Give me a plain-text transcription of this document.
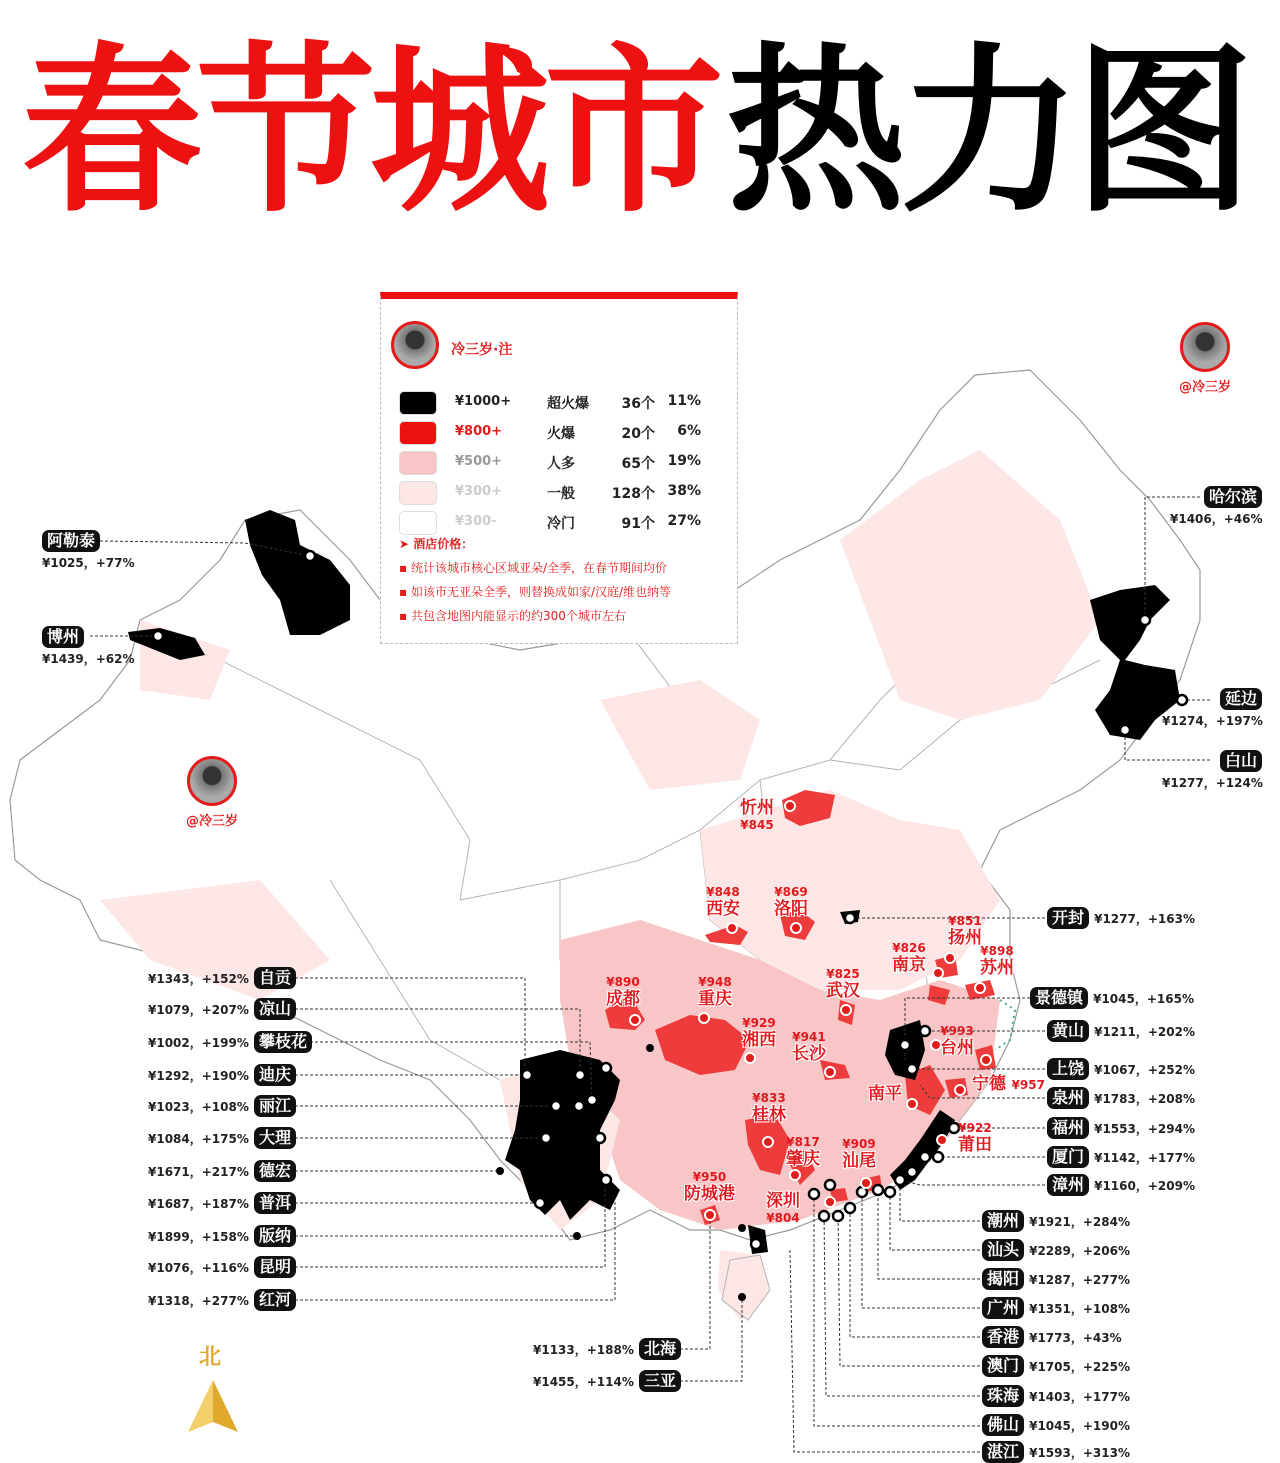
春节城市 热力图
北
@冷三岁
@冷三岁
冷三岁·注
¥1000+	超火爆	36个 11%
¥800+	火爆	20个	6%
¥500+	人多	65个 19%
¥300+	一般	128个 38%
¥300-	冷门	91个 27%
➤ 酒店价格：
▪ 统计该城市核心区域亚朵/全季，在春节期间均价
▪ 如该市无亚朵全季，则替换成如家/汉庭/维也纳等
▪ 共包含地图内能显示的约300个城市左右
阿勒泰
¥1025，+77%
博州
¥1439，+62%
哈尔滨
¥1406，+46%
延边
¥1274，+197%
白山
¥1277，+124%
开封 ¥1277，+163%
景德镇 ¥1045，+165%
黄山 ¥1211，+202%
上饶 ¥1067，+252%
泉州 ¥1783，+208%
福州 ¥1553，+294%
厦门 ¥1142，+177%
漳州 ¥1160，+209%
潮州 ¥1921，+284%
汕头 ¥2289，+206%
揭阳 ¥1287，+277%
广州 ¥1351，+108%
香港 ¥1773，+43%
澳门 ¥1705，+225%
珠海 ¥1403，+177%
佛山 ¥1045，+190%
湛江 ¥1593，+313%
¥1343，+152% 自贡
¥1079，+207% 凉山
¥1002，+199% 攀枝花
¥1292，+190% 迪庆
¥1023，+108% 丽江
¥1084，+175% 大理
¥1671，+217% 德宏
¥1687，+187% 普洱
¥1899，+158% 版纳
¥1076，+116% 昆明
¥1318，+277% 红河
¥1133，+188% 北海
¥1455，+114% 三亚
忻州
¥845
¥848
西安
¥869
洛阳
¥851
扬州
¥826
南京
¥898
苏州
¥890
成都
¥948
重庆
¥825
武汉
¥929
湘西 ¥941
长沙
¥993
台州
宁德 ¥957
南平
¥922
莆田
¥833
桂林
¥817
肇庆
¥909
汕尾
¥950
防城港 深圳
¥804
